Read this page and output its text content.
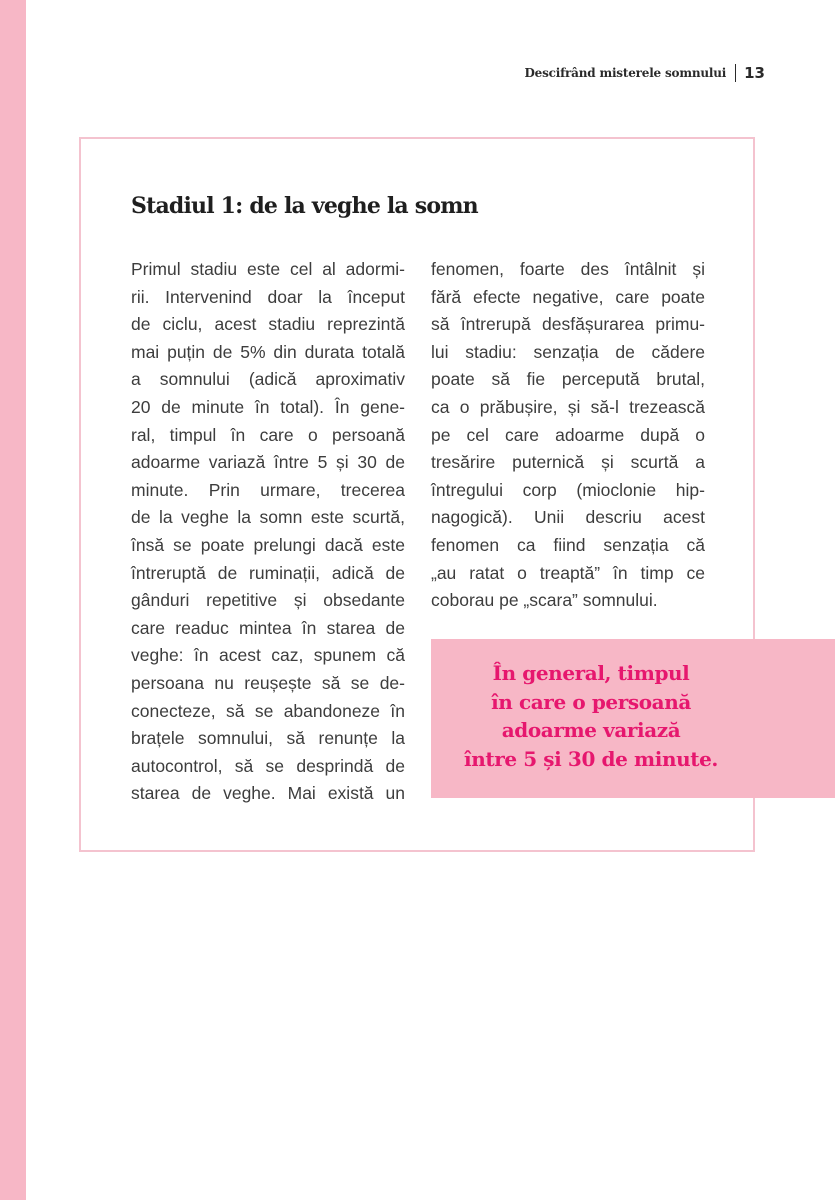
Descifrând misterele somnului 13
Stadiul 1: de la veghe la somn

Primul stadiu este cel al adormi-
rii. Intervenind doar la început
de ciclu, acest stadiu reprezintă
mai puțin de 5% din durata totală
a somnului (adică aproximativ
20 de minute în total). În gene-
ral, timpul în care o persoană
adoarme variază între 5 și 30 de
minute. Prin urmare, trecerea
de la veghe la somn este scurtă,
însă se poate prelungi dacă este
întreruptă de ruminații, adică de
gânduri repetitive și obsedante
care readuc mintea în starea de
veghe: în acest caz, spunem că
persoana nu reușește să se de-
conecteze, să se abandoneze în
brațele somnului, să renunțe la
autocontrol, să se desprindă de
starea de veghe. Mai există un

fenomen, foarte des întâlnit și
fără efecte negative, care poate
să întrerupă desfășurarea primu-
lui stadiu: senzația de cădere
poate să fie percepută brutal,
ca o prăbușire, și să-l trezească
pe cel care adoarme după o
tresărire puternică și scurtă a
întregului corp (mioclonie hip-
nagogică). Unii descriu acest
fenomen ca fiind senzația că
„au ratat o treaptă” în timp ce
coborau pe „scara” somnului.

În general, timpul
în care o persoană
adoarme variază
între 5 și 30 de minute.
